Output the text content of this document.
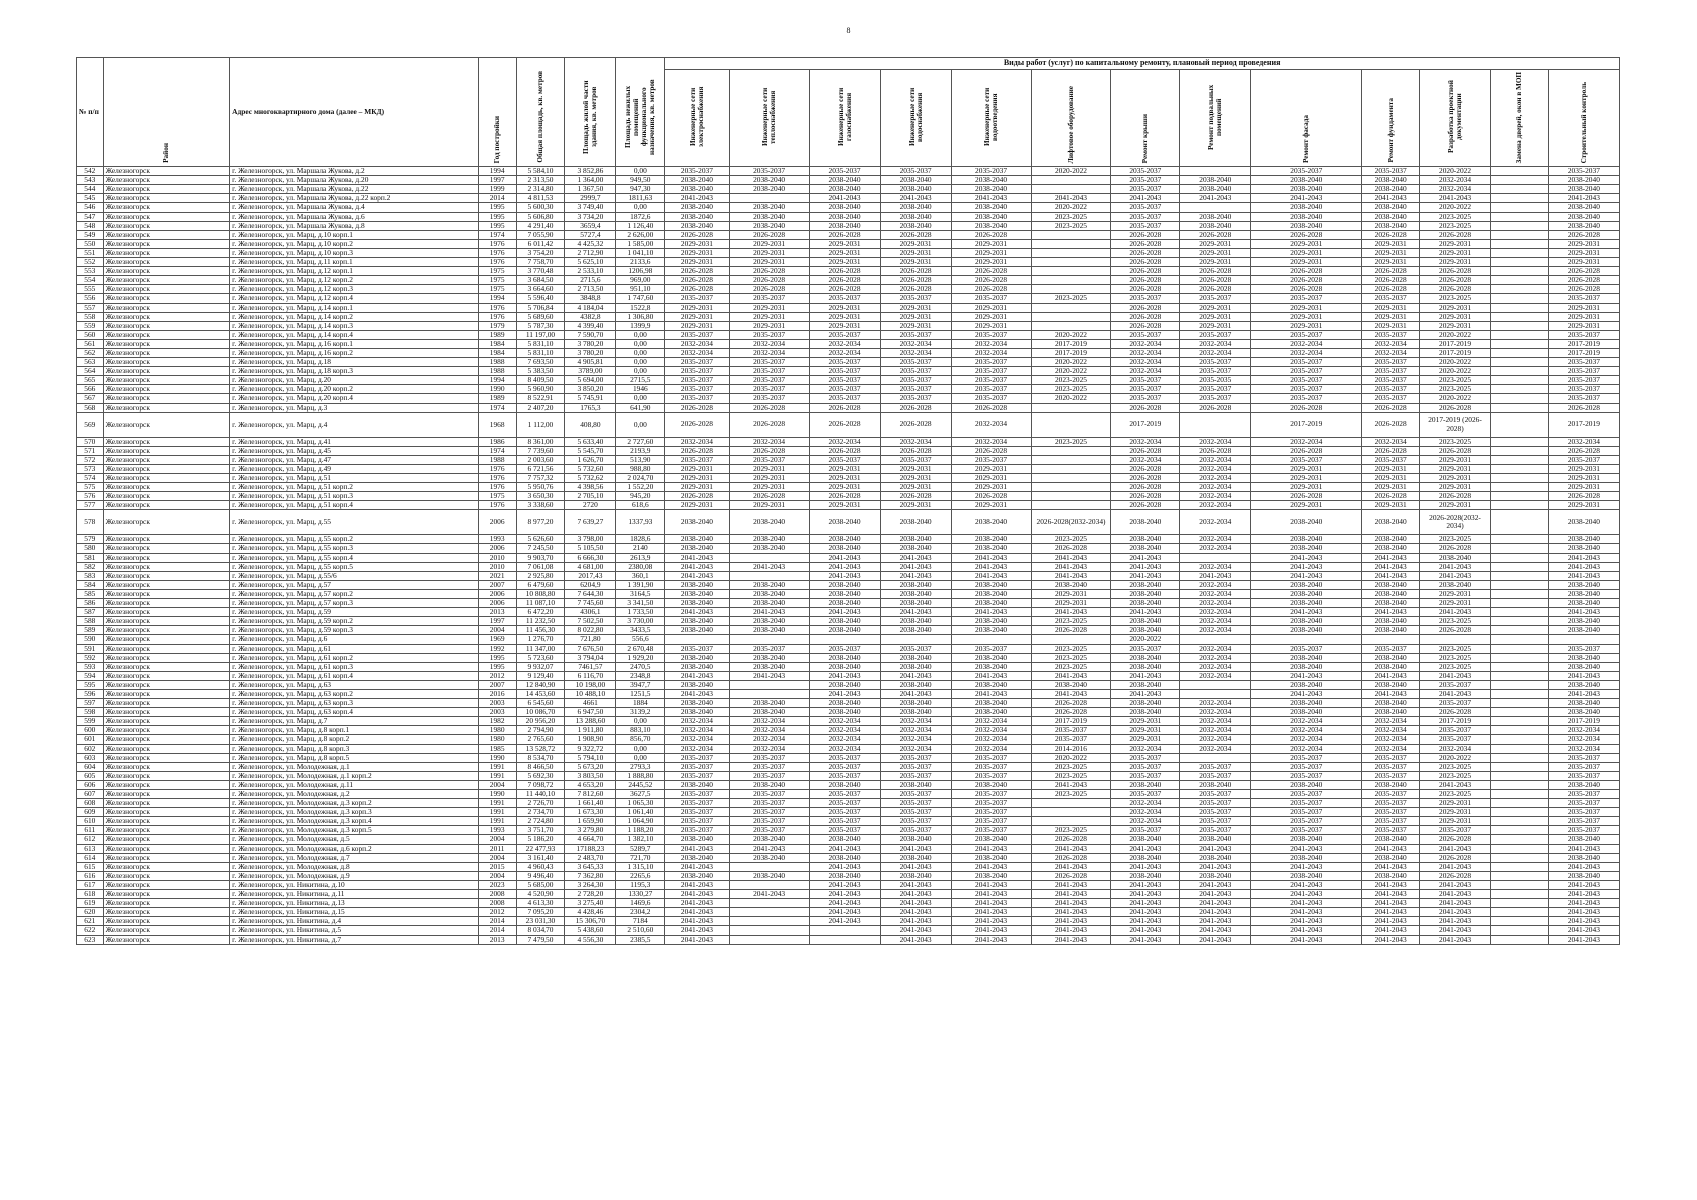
8
№ п/п	Район	Адрес многоквартирного дома (далее – МКД)	Год постройки	Общая площадь, кв. метров	Площадь жилой части здания, кв. метров	Площадь нежилых помещений функционального назначения, кв. метров	Виды работ (услуг) по капитальному ремонту, плановый период проведения												
							Инженерные сети электроснабжения	Инженерные сети теплоснабжения	Инженерные сети газоснабжения	Инженерные сети водоснабжения	Инженерные сети водоотведения	Лифтовое оборудование	Ремонт крыши	Ремонт подвальных помещений	Ремонт фасада	Ремонт фундамента	Разработка проектной документации	Замена дверей, окон в МОП	Строительный контроль
542	Железногорск	г. Железногорск, ул. Маршала Жукова, д.2	1994	5 584,10	3 852,86	0,00	2035-2037	2035-2037	2035-2037	2035-2037	2035-2037	2020-2022	2035-2037		2035-2037	2035-2037	2020-2022		2035-2037
543	Железногорск	г. Железногорск, ул. Маршала Жукова, д.20	1997	2 313,50	1 364,00	949,50	2038-2040	2038-2040	2038-2040	2038-2040	2038-2040		2035-2037	2038-2040	2038-2040	2038-2040	2032-2034		2038-2040
544	Железногорск	г. Железногорск, ул. Маршала Жукова, д.22	1999	2 314,80	1 367,50	947,30	2038-2040	2038-2040	2038-2040	2038-2040	2038-2040		2035-2037	2038-2040	2038-2040	2038-2040	2032-2034		2038-2040
545	Железногорск	г. Железногорск, ул. Маршала Жукова, д.22 корп.2	2014	4 811,53	2999,7	1811,63	2041-2043		2041-2043	2041-2043	2041-2043	2041-2043	2041-2043	2041-2043	2041-2043	2041-2043	2041-2043		2041-2043
546	Железногорск	г. Железногорск, ул. Маршала Жукова, д.4	1995	5 600,30	3 749,40	0,00	2038-2040	2038-2040	2038-2040	2038-2040	2038-2040	2020-2022	2035-2037		2038-2040	2038-2040	2020-2022		2038-2040
547	Железногорск	г. Железногорск, ул. Маршала Жукова, д.6	1995	5 606,80	3 734,20	1872,6	2038-2040	2038-2040	2038-2040	2038-2040	2038-2040	2023-2025	2035-2037	2038-2040	2038-2040	2038-2040	2023-2025		2038-2040
548	Железногорск	г. Железногорск, ул. Маршала Жукова, д.8	1995	4 291,40	3659,4	1 126,40	2038-2040	2038-2040	2038-2040	2038-2040	2038-2040	2023-2025	2035-2037	2038-2040	2038-2040	2038-2040	2023-2025		2038-2040
549	Железногорск	г. Железногорск, ул. Марц, д.10 корп.1	1974	7 055,90	5727,4	2 626,00	2026-2028	2026-2028	2026-2028	2026-2028	2026-2028		2026-2028	2026-2028	2026-2028	2026-2028	2026-2028		2026-2028
550	Железногорск	г. Железногорск, ул. Марц, д.10 корп.2	1976	6 011,42	4 425,32	1 585,00	2029-2031	2029-2031	2029-2031	2029-2031	2029-2031		2026-2028	2029-2031	2029-2031	2029-2031	2029-2031		2029-2031
551	Железногорск	г. Железногорск, ул. Марц, д.10 корп.3	1976	3 754,20	2 712,90	1 041,10	2029-2031	2029-2031	2029-2031	2029-2031	2029-2031		2026-2028	2029-2031	2029-2031	2029-2031	2029-2031		2029-2031
552	Железногорск	г. Железногорск, ул. Марц, д.11 корп.1	1976	7 758,70	5 625,10	2133,6	2029-2031	2029-2031	2029-2031	2029-2031	2029-2031		2026-2028	2029-2031	2029-2031	2029-2031	2029-2031		2029-2031
553	Железногорск	г. Железногорск, ул. Марц, д.12 корп.1	1975	3 770,48	2 533,10	1206,98	2026-2028	2026-2028	2026-2028	2026-2028	2026-2028		2026-2028	2026-2028	2026-2028	2026-2028	2026-2028		2026-2028
554	Железногорск	г. Железногорск, ул. Марц, д.12 корп.2	1975	3 684,50	2715,6	969,00	2026-2028	2026-2028	2026-2028	2026-2028	2026-2028		2026-2028	2026-2028	2026-2028	2026-2028	2026-2028		2026-2028
555	Железногорск	г. Железногорск, ул. Марц, д.12 корп.3	1975	3 664,60	2 713,50	951,10	2026-2028	2026-2028	2026-2028	2026-2028	2026-2028		2026-2028	2026-2028	2026-2028	2026-2028	2026-2028		2026-2028
556	Железногорск	г. Железногорск, ул. Марц, д.12 корп.4	1994	5 596,40	3848,8	1 747,60	2035-2037	2035-2037	2035-2037	2035-2037	2035-2037	2023-2025	2035-2037	2035-2037	2035-2037	2035-2037	2023-2025		2035-2037
557	Железногорск	г. Железногорск, ул. Марц, д.14 корп.1	1976	5 706,84	4 184,04	1522,8	2029-2031	2029-2031	2029-2031	2029-2031	2029-2031		2026-2028	2029-2031	2029-2031	2029-2031	2029-2031		2029-2031
558	Железногорск	г. Железногорск, ул. Марц, д.14 корп.2	1976	5 689,60	4382,8	1 306,80	2029-2031	2029-2031	2029-2031	2029-2031	2029-2031		2026-2028	2029-2031	2029-2031	2029-2031	2029-2031		2029-2031
559	Железногорск	г. Железногорск, ул. Марц, д.14 корп.3	1979	5 787,30	4 399,40	1399,9	2029-2031	2029-2031	2029-2031	2029-2031	2029-2031		2026-2028	2029-2031	2029-2031	2029-2031	2029-2031		2029-2031
560	Железногорск	г. Железногорск, ул. Марц, д.14 корп.4	1989	11 197,00	7 590,70	0,00	2035-2037	2035-2037	2035-2037	2035-2037	2035-2037	2020-2022	2035-2037	2035-2037	2035-2037	2035-2037	2020-2022		2035-2037
561	Железногорск	г. Железногорск, ул. Марц, д.16 корп.1	1984	5 831,10	3 780,20	0,00	2032-2034	2032-2034	2032-2034	2032-2034	2032-2034	2017-2019	2032-2034	2032-2034	2032-2034	2032-2034	2017-2019		2017-2019
562	Железногорск	г. Железногорск, ул. Марц, д.16 корп.2	1984	5 831,10	3 780,20	0,00	2032-2034	2032-2034	2032-2034	2032-2034	2032-2034	2017-2019	2032-2034	2032-2034	2032-2034	2032-2034	2017-2019		2017-2019
563	Железногорск	г. Железногорск, ул. Марц, д.18	1988	7 693,50	4 905,81	0,00	2035-2037	2035-2037	2035-2037	2035-2037	2035-2037	2020-2022	2032-2034	2035-2037	2035-2037	2035-2037	2020-2022		2035-2037
564	Железногорск	г. Железногорск, ул. Марц, д.18 корп.3	1988	5 383,50	3789,00	0,00	2035-2037	2035-2037	2035-2037	2035-2037	2035-2037	2020-2022	2032-2034	2035-2037	2035-2037	2035-2037	2020-2022		2035-2037
565	Железногорск	г. Железногорск, ул. Марц, д.20	1994	8 409,50	5 694,00	2715,5	2035-2037	2035-2037	2035-2037	2035-2037	2035-2037	2023-2025	2035-2037	2035-2035	2035-2037	2035-2037	2023-2025		2035-2037
566	Железногорск	г. Железногорск, ул. Марц, д.20 корп.2	1990	5 960,90	3 850,20	1946	2035-2037	2035-2037	2035-2037	2035-2037	2035-2037	2023-2025	2035-2037	2035-2037	2035-2037	2035-2037	2023-2025		2035-2037
567	Железногорск	г. Железногорск, ул. Марц, д.20 корп.4	1989	8 522,91	5 745,91	0,00	2035-2037	2035-2037	2035-2037	2035-2037	2035-2037	2020-2022	2035-2037	2035-2037	2035-2037	2035-2037	2020-2022		2035-2037
568	Железногорск	г. Железногорск, ул. Марц, д.3	1974	2 407,20	1765,3	641,90	2026-2028	2026-2028	2026-2028	2026-2028	2026-2028		2026-2028	2026-2028	2026-2028	2026-2028	2026-2028		2026-2028
569	Железногорск	г. Железногорск, ул. Марц, д.4	1968	1 112,00	408,80	0,00	2026-2028	2026-2028	2026-2028	2026-2028	2032-2034		2017-2019		2017-2019	2026-2028	2017-2019 (2026-2028)		2017-2019
570	Железногорск	г. Железногорск, ул. Марц, д.41	1986	8 361,00	5 633,40	2 727,60	2032-2034	2032-2034	2032-2034	2032-2034	2032-2034	2023-2025	2032-2034	2032-2034	2032-2034	2032-2034	2023-2025		2032-2034
571	Железногорск	г. Железногорск, ул. Марц, д.45	1974	7 739,60	5 545,70	2193,9	2026-2028	2026-2028	2026-2028	2026-2028	2026-2028		2026-2028	2026-2028	2026-2028	2026-2028	2026-2028		2026-2028
572	Железногорск	г. Железногорск, ул. Марц, д.47	1988	2 003,60	1 626,70	513,90	2035-2037	2035-2037	2035-2037	2035-2037	2035-2037		2032-2034	2032-2034	2035-2037	2035-2037	2029-2031		2035-2037
573	Железногорск	г. Железногорск, ул. Марц, д.49	1976	6 721,56	5 732,60	988,80	2029-2031	2029-2031	2029-2031	2029-2031	2029-2031		2026-2028	2032-2034	2029-2031	2029-2031	2029-2031		2029-2031
574	Железногорск	г. Железногорск, ул. Марц, д.51	1976	7 757,32	5 732,62	2 024,70	2029-2031	2029-2031	2029-2031	2029-2031	2029-2031		2026-2028	2032-2034	2029-2031	2029-2031	2029-2031		2029-2031
575	Железногорск	г. Железногорск, ул. Марц, д.51 корп.2	1976	5 950,76	4 398,56	1 552,20	2029-2031	2029-2031	2029-2031	2029-2031	2029-2031		2026-2028	2032-2034	2029-2031	2029-2031	2029-2031		2029-2031
576	Железногорск	г. Железногорск, ул. Марц, д.51 корп.3	1975	3 650,30	2 705,10	945,20	2026-2028	2026-2028	2026-2028	2026-2028	2026-2028		2026-2028	2032-2034	2026-2028	2026-2028	2026-2028		2026-2028
577	Железногорск	г. Железногорск, ул. Марц, д.51 корп.4	1976	3 338,60	2720	618,6	2029-2031	2029-2031	2029-2031	2029-2031	2029-2031		2026-2028	2032-2034	2029-2031	2029-2031	2029-2031		2029-2031
578	Железногорск	г. Железногорск, ул. Марц, д.55	2006	8 977,20	7 639,27	1337,93	2038-2040	2038-2040	2038-2040	2038-2040	2038-2040	2026-2028(2032-2034)	2038-2040	2032-2034	2038-2040	2038-2040	2026-2028(2032-2034)		2038-2040
579	Железногорск	г. Железногорск, ул. Марц, д.55 корп.2	1993	5 626,60	3 798,00	1828,6	2038-2040	2038-2040	2038-2040	2038-2040	2038-2040	2023-2025	2038-2040	2032-2034	2038-2040	2038-2040	2023-2025		2038-2040
580	Железногорск	г. Железногорск, ул. Марц, д.55 корп.3	2006	7 245,50	5 105,50	2140	2038-2040	2038-2040	2038-2040	2038-2040	2038-2040	2026-2028	2038-2040	2032-2034	2038-2040	2038-2040	2026-2028		2038-2040
581	Железногорск	г. Железногорск, ул. Марц, д.55 корп.4	2010	9 903,70	6 666,30	2613,9	2041-2043		2041-2043	2041-2043	2041-2043	2041-2043	2041-2043		2041-2043	2041-2043	2038-2040		2041-2043
582	Железногорск	г. Железногорск, ул. Марц, д.55 корп.5	2010	7 061,08	4 681,00	2380,08	2041-2043	2041-2043	2041-2043	2041-2043	2041-2043	2041-2043	2041-2043	2032-2034	2041-2043	2041-2043	2041-2043		2041-2043
583	Железногорск	г. Железногорск, ул. Марц, д.55/6	2021	2 925,80	2017,43	360,1	2041-2043		2041-2043	2041-2043	2041-2043	2041-2043	2041-2043	2041-2043	2041-2043	2041-2043	2041-2043		2041-2043
584	Железногорск	г. Железногорск, ул. Марц, д.57	2007	6 479,60	6204,9	1 391,90	2038-2040	2038-2040	2038-2040	2038-2040	2038-2040	2038-2040	2038-2040	2032-2034	2038-2040	2038-2040	2038-2040		2038-2040
585	Железногорск	г. Железногорск, ул. Марц, д.57 корп.2	2006	10 808,80	7 644,30	3164,5	2038-2040	2038-2040	2038-2040	2038-2040	2038-2040	2029-2031	2038-2040	2032-2034	2038-2040	2038-2040	2029-2031		2038-2040
586	Железногорск	г. Железногорск, ул. Марц, д.57 корп.3	2006	11 087,10	7 745,60	3 341,50	2038-2040	2038-2040	2038-2040	2038-2040	2038-2040	2029-2031	2038-2040	2032-2034	2038-2040	2038-2040	2029-2031		2038-2040
587	Железногорск	г. Железногорск, ул. Марц, д.59	2013	6 472,20	4306,1	1 733,50	2041-2043	2041-2043	2041-2043	2041-2043	2041-2043	2041-2043	2041-2043	2032-2034	2041-2043	2041-2043	2041-2043		2041-2043
588	Железногорск	г. Железногорск, ул. Марц, д.59 корп.2	1997	11 232,50	7 502,50	3 730,00	2038-2040	2038-2040	2038-2040	2038-2040	2038-2040	2023-2025	2038-2040	2032-2034	2038-2040	2038-2040	2023-2025		2038-2040
589	Железногорск	г. Железногорск, ул. Марц, д.59 корп.3	2004	11 456,30	8 022,80	3433,5	2038-2040	2038-2040	2038-2040	2038-2040	2038-2040	2026-2028	2038-2040	2032-2034	2038-2040	2038-2040	2026-2028		2038-2040
590	Железногорск	г. Железногорск, ул. Марц, д.6	1969	1 276,70	721,80	556,6							2020-2022						
591	Железногорск	г. Железногорск, ул. Марц, д.61	1992	11 347,00	7 676,50	2 670,48	2035-2037	2035-2037	2035-2037	2035-2037	2035-2037	2023-2025	2035-2037	2032-2034	2035-2037	2035-2037	2023-2025		2035-2037
592	Железногорск	г. Железногорск, ул. Марц, д.61 корп.2	1995	5 723,60	3 794,04	1 929,20	2038-2040	2038-2040	2038-2040	2038-2040	2038-2040	2023-2025	2038-2040	2032-2034	2038-2040	2038-2040	2023-2025		2038-2040
593	Железногорск	г. Железногорск, ул. Марц, д.61 корп.3	1995	9 932,07	7461,57	2470,5	2038-2040	2038-2040	2038-2040	2038-2040	2038-2040	2023-2025	2038-2040	2032-2034	2038-2040	2038-2040	2023-2025		2038-2040
594	Железногорск	г. Железногорск, ул. Марц, д.61 корп.4	2012	9 129,40	6 116,70	2348,8	2041-2043	2041-2043	2041-2043	2041-2043	2041-2043	2041-2043	2041-2043	2032-2034	2041-2043	2041-2043	2041-2043		2041-2043
595	Железногорск	г. Железногорск, ул. Марц, д.63	2007	12 840,90	10 198,00	3947,7	2038-2040		2038-2040	2038-2040	2038-2040	2038-2040	2038-2040		2038-2040	2038-2040	2035-2037		2038-2040
596	Железногорск	г. Железногорск, ул. Марц, д.63 корп.2	2016	14 453,60	10 488,10	1251,5	2041-2043		2041-2043	2041-2043	2041-2043	2041-2043	2041-2043		2041-2043	2041-2043	2041-2043		2041-2043
597	Железногорск	г. Железногорск, ул. Марц, д.63 корп.3	2003	6 545,60	4661	1884	2038-2040	2038-2040	2038-2040	2038-2040	2038-2040	2026-2028	2038-2040	2032-2034	2038-2040	2038-2040	2035-2037		2038-2040
598	Железногорск	г. Железногорск, ул. Марц, д.63 корп.4	2003	10 086,70	6 947,50	3139,2	2038-2040	2038-2040	2038-2040	2038-2040	2038-2040	2026-2028	2038-2040	2032-2034	2038-2040	2038-2040	2026-2028		2038-2040
599	Железногорск	г. Железногорск, ул. Марц, д.7	1982	20 956,20	13 288,60	0,00	2032-2034	2032-2034	2032-2034	2032-2034	2032-2034	2017-2019	2029-2031	2032-2034	2032-2034	2032-2034	2017-2019		2017-2019
600	Железногорск	г. Железногорск, ул. Марц, д.8 корп.1	1980	2 794,90	1 911,80	883,10	2032-2034	2032-2034	2032-2034	2032-2034	2032-2034	2035-2037	2029-2031	2032-2034	2032-2034	2032-2034	2035-2037		2032-2034
601	Железногорск	г. Железногорск, ул. Марц, д.8 корп.2	1980	2 765,60	1 908,90	856,70	2032-2034	2032-2034	2032-2034	2032-2034	2032-2034	2035-2037	2029-2031	2032-2034	2032-2034	2032-2034	2035-2037		2032-2034
602	Железногорск	г. Железногорск, ул. Марц, д.8 корп.3	1985	13 528,72	9 322,72	0,00	2032-2034	2032-2034	2032-2034	2032-2034	2032-2034	2014-2016	2032-2034	2032-2034	2032-2034	2032-2034	2032-2034		2032-2034
603	Железногорск	г. Железногорск, ул. Марц, д.8 корп.5	1990	8 534,70	5 794,10	0,00	2035-2037	2035-2037	2035-2037	2035-2037	2035-2037	2020-2022	2035-2037		2035-2037	2035-2037	2020-2022		2035-2037
604	Железногорск	г. Железногорск, ул. Молодежная, д.1	1991	8 466,50	5 673,20	2793,3	2035-2037	2035-2037	2035-2037	2035-2037	2035-2037	2023-2025	2035-2037	2035-2037	2035-2037	2035-2037	2023-2025		2035-2037
605	Железногорск	г. Железногорск, ул. Молодежная, д.1 корп.2	1991	5 692,30	3 803,50	1 888,80	2035-2037	2035-2037	2035-2037	2035-2037	2035-2037	2023-2025	2035-2037	2035-2037	2035-2037	2035-2037	2023-2025		2035-2037
606	Железногорск	г. Железногорск, ул. Молодежная, д.11	2004	7 098,72	4 653,20	2445,52	2038-2040	2038-2040	2038-2040	2038-2040	2038-2040	2041-2043	2038-2040	2038-2040	2038-2040	2038-2040	2041-2043		2038-2040
607	Железногорск	г. Железногорск, ул. Молодежная, д.2	1990	11 440,10	7 812,60	3627,5	2035-2037	2035-2037	2035-2037	2035-2037	2035-2037	2023-2025	2035-2037	2035-2037	2035-2037	2035-2037	2023-2025		2035-2037
608	Железногорск	г. Железногорск, ул. Молодежная, д.3 корп.2	1991	2 726,70	1 661,40	1 065,30	2035-2037	2035-2037	2035-2037	2035-2037	2035-2037		2032-2034	2035-2037	2035-2037	2035-2037	2029-2031		2035-2037
609	Железногорск	г. Железногорск, ул. Молодежная, д.3 корп.3	1991	2 734,70	1 673,30	1 061,40	2035-2037	2035-2037	2035-2037	2035-2037	2035-2037		2032-2034	2035-2037	2035-2037	2035-2037	2029-2031		2035-2037
610	Железногорск	г. Железногорск, ул. Молодежная, д.3 корп.4	1991	2 724,80	1 659,90	1 064,90	2035-2037	2035-2037	2035-2037	2035-2037	2035-2037		2032-2034	2035-2037	2035-2037	2035-2037	2029-2031		2035-2037
611	Железногорск	г. Железногорск, ул. Молодежная, д.3 корп.5	1993	3 751,70	3 279,80	1 188,20	2035-2037	2035-2037	2035-2037	2035-2037	2035-2037	2023-2025	2035-2037	2035-2037	2035-2037	2035-2037	2035-2037		2035-2037
612	Железногорск	г. Железногорск, ул. Молодежная, д.5	2004	5 186,20	4 664,70	1 382,10	2038-2040	2038-2040	2038-2040	2038-2040	2038-2040	2026-2028	2038-2040	2038-2040	2038-2040	2038-2040	2026-2028		2038-2040
613	Железногорск	г. Железногорск, ул. Молодежная, д.6 корп.2	2011	22 477,93	17188,23	5289,7	2041-2043	2041-2043	2041-2043	2041-2043	2041-2043	2041-2043	2041-2043	2041-2043	2041-2043	2041-2043	2041-2043		2041-2043
614	Железногорск	г. Железногорск, ул. Молодежная, д.7	2004	3 161,40	2 483,70	721,70	2038-2040	2038-2040	2038-2040	2038-2040	2038-2040	2026-2028	2038-2040	2038-2040	2038-2040	2038-2040	2026-2028		2038-2040
615	Железногорск	г. Железногорск, ул. Молодежная, д.8	2015	4 960,43	3 645,33	1 315,10	2041-2043		2041-2043	2041-2043	2041-2043	2041-2043	2041-2043	2041-2043	2041-2043	2041-2043	2041-2043		2041-2043
616	Железногорск	г. Железногорск, ул. Молодежная, д.9	2004	9 496,40	7 362,80	2265,6	2038-2040	2038-2040	2038-2040	2038-2040	2038-2040	2026-2028	2038-2040	2038-2040	2038-2040	2038-2040	2026-2028		2038-2040
617	Железногорск	г. Железногорск, ул. Никитина, д.10	2023	5 685,00	3 264,30	1195,3	2041-2043		2041-2043	2041-2043	2041-2043	2041-2043	2041-2043	2041-2043	2041-2043	2041-2043	2041-2043		2041-2043
618	Железногорск	г. Железногорск, ул. Никитина, д.11	2008	4 520,90	2 728,20	1330,27	2041-2043	2041-2043	2041-2043	2041-2043	2041-2043	2041-2043	2041-2043	2041-2043	2041-2043	2041-2043	2041-2043		2041-2043
619	Железногорск	г. Железногорск, ул. Никитина, д.13	2008	4 613,30	3 275,40	1469,6	2041-2043		2041-2043	2041-2043	2041-2043	2041-2043	2041-2043	2041-2043	2041-2043	2041-2043	2041-2043		2041-2043
620	Железногорск	г. Железногорск, ул. Никитина, д.15	2012	7 095,20	4 428,46	2304,2	2041-2043		2041-2043	2041-2043	2041-2043	2041-2043	2041-2043	2041-2043	2041-2043	2041-2043	2041-2043		2041-2043
621	Железногорск	г. Железногорск, ул. Никитина, д.4	2014	23 031,30	15 306,70	7184	2041-2043		2041-2043	2041-2043	2041-2043	2041-2043	2041-2043	2041-2043	2041-2043	2041-2043	2041-2043		2041-2043
622	Железногорск	г. Железногорск, ул. Никитина, д.5	2014	8 034,70	5 438,60	2 510,60	2041-2043			2041-2043	2041-2043	2041-2043	2041-2043	2041-2043	2041-2043	2041-2043	2041-2043		2041-2043
623	Железногорск	г. Железногорск, ул. Никитина, д.7	2013	7 479,50	4 556,30	2385,5	2041-2043			2041-2043	2041-2043	2041-2043	2041-2043	2041-2043	2041-2043	2041-2043	2041-2043		2041-2043
